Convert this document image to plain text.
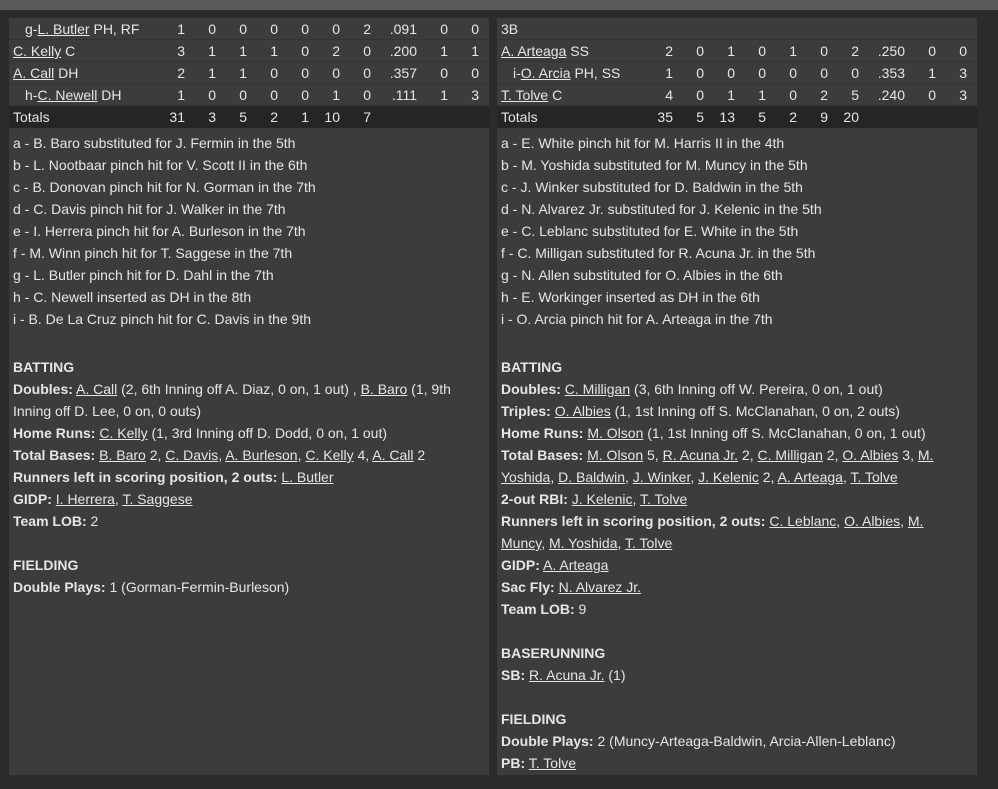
g-L. Butler PH, RF	1	0	0	0	0	0	2 .091	0	0
C. Kelly C	3	1	1	1	0	2	0 .200	1	1
A. Call DH	2	1	1	0	0	0	0 .357	0	0
h-C. Newell DH	1	0	0	0	0	1	0	.111	1	3
Totals	31	3	5	2	1	10	7
a - B. Baro substituted for J. Fermin in the 5th
b - L. Nootbaar pinch hit for V. Scott II in the 6th
c - B. Donovan pinch hit for N. Gorman in the 7th
d - C. Davis pinch hit for J. Walker in the 7th
e - I. Herrera pinch hit for A. Burleson in the 7th
f - M. Winn pinch hit for T. Saggese in the 7th
g - L. Butler pinch hit for D. Dahl in the 7th
h - C. Newell inserted as DH in the 8th
i - B. De La Cruz pinch hit for C. Davis in the 9th
BATTING
Doubles: A. Call (2, 6th Inning off A. Diaz, 0 on, 1 out) , B. Baro (1, 9th
Inning off D. Lee, 0 on, 0 outs)
Home Runs: C. Kelly (1, 3rd Inning off D. Dodd, 0 on, 1 out)
Total Bases: B. Baro 2, C. Davis, A. Burleson, C. Kelly 4, A. Call 2
Runners left in scoring position, 2 outs: L. Butler
GIDP: I. Herrera, T. Saggese
Team LOB: 2
FIELDING
Double Plays: 1 (Gorman-Fermin-Burleson)
3B
A. Arteaga SS	2	0	1	0	1	0	2 .250	0	0
i-O. Arcia PH, SS	1	0	0	0	0	0	0 .353	1	3
T. Tolve C	4	0	1	1	0	2	5 .240	0	3
Totals	35	5	13	5	2	9	20
a - E. White pinch hit for M. Harris II in the 4th
b - M. Yoshida substituted for M. Muncy in the 5th
c - J. Winker substituted for D. Baldwin in the 5th
d - N. Alvarez Jr. substituted for J. Kelenic in the 5th
e - C. Leblanc substituted for E. White in the 5th
f - C. Milligan substituted for R. Acuna Jr. in the 5th
g - N. Allen substituted for O. Albies in the 6th
h - E. Workinger inserted as DH in the 6th
i - O. Arcia pinch hit for A. Arteaga in the 7th
BATTING
Doubles: C. Milligan (3, 6th Inning off W. Pereira, 0 on, 1 out)
Triples: O. Albies (1, 1st Inning off S. McClanahan, 0 on, 2 outs)
Home Runs: M. Olson (1, 1st Inning off S. McClanahan, 0 on, 1 out)
Total Bases: M. Olson 5, R. Acuna Jr. 2, C. Milligan 2, O. Albies 3, M.
Yoshida, D. Baldwin, J. Winker, J. Kelenic 2, A. Arteaga, T. Tolve
2-out RBI: J. Kelenic, T. Tolve
Runners left in scoring position, 2 outs: C. Leblanc, O. Albies, M.
Muncy, M. Yoshida, T. Tolve
GIDP: A. Arteaga
Sac Fly: N. Alvarez Jr.
Team LOB: 9
BASERUNNING
SB: R. Acuna Jr. (1)
FIELDING
Double Plays: 2 (Muncy-Arteaga-Baldwin, Arcia-Allen-Leblanc)
PB: T. Tolve
